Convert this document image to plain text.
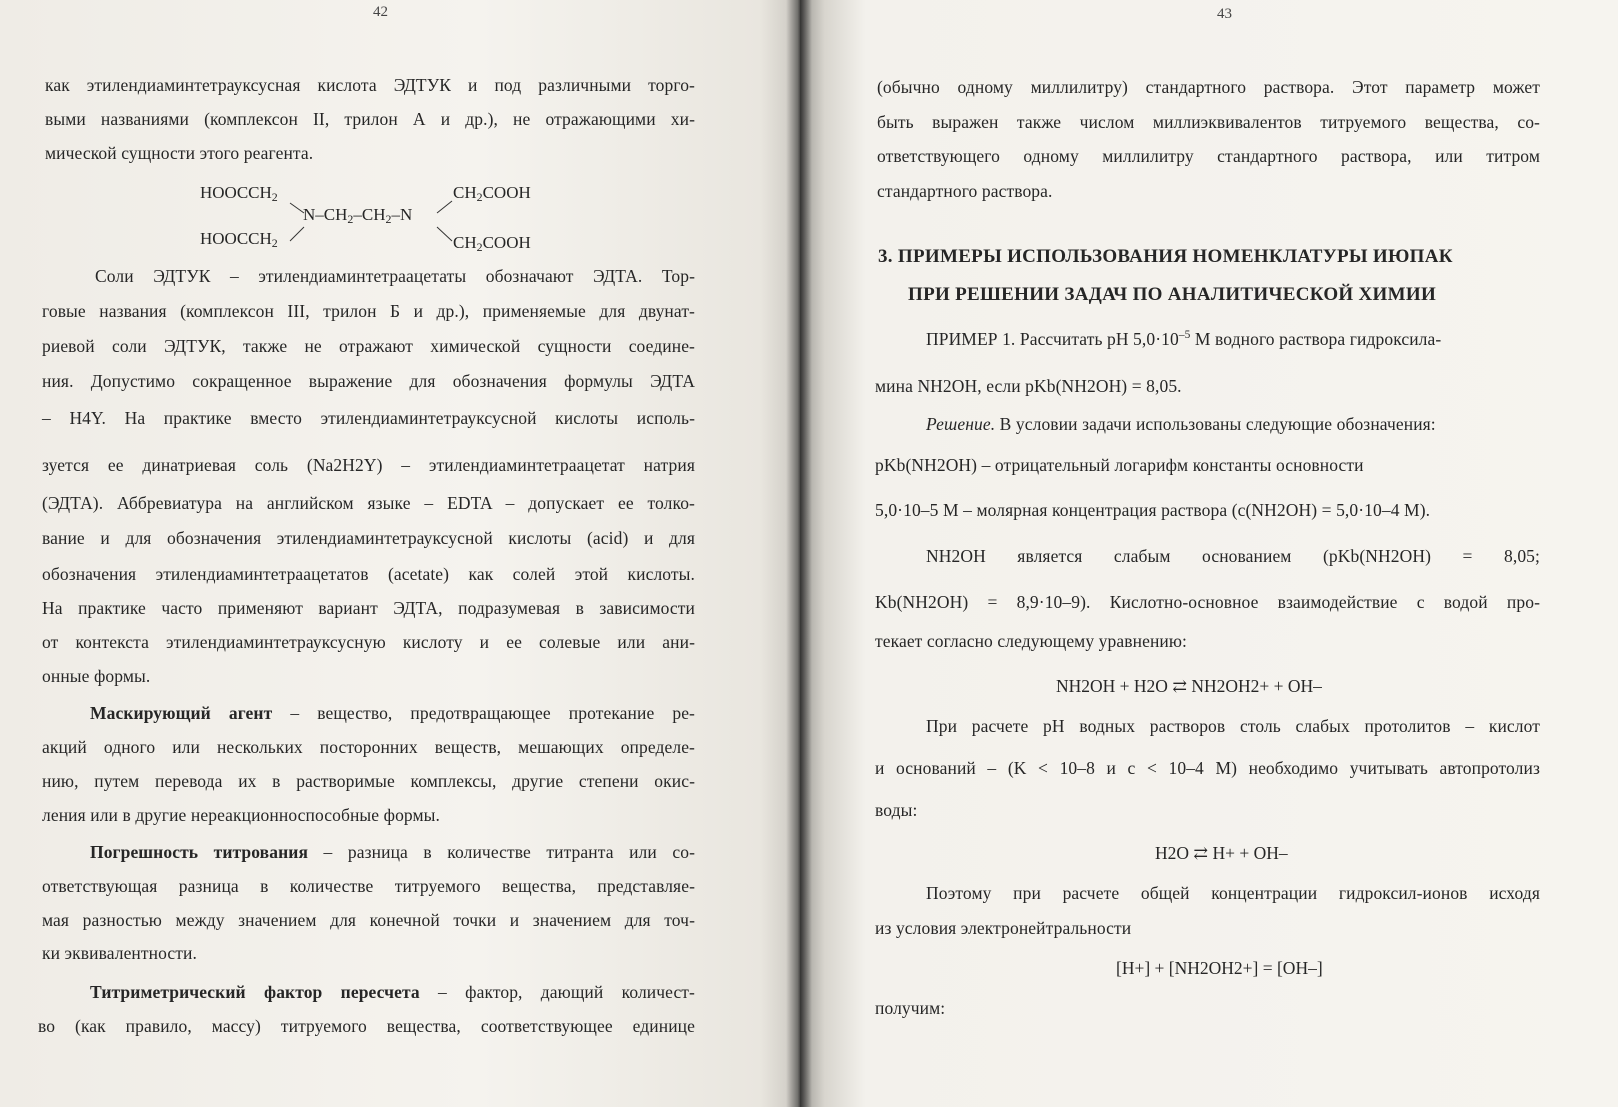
42
как этилендиаминтетрауксусная кислота ЭДТУК и под различными торго-
выми названиями (комплексон II, трилон А и др.), не отражающими хи-
мической сущности этого реагента.
$HOOCCH_2$
$HOOCCH_2$
$N-CH_2-CH_2-N$
$CH_2COOH$
$CH_2COOH$
Соли ЭДТУК – этилендиаминтетраацетаты обозначают ЭДТА. Тор-
говые названия (комплексон III, трилон Б и др.), применяемые для двунат-
риевой соли ЭДТУК, также не отражают химической сущности соедине-
ния. Допустимо сокращенное выражение для обозначения формулы ЭДТА
– H4Y. На практике вместо этилендиаминтетрауксусной кислоты исполь-
зуется ее динатриевая соль (Na2H2Y) – этилендиаминтетраацетат натрия
(ЭДТА). Аббревиатура на английском языке – EDTA – допускает ее толко-
вание и для обозначения этилендиаминтетрауксусной кислоты (acid) и для
обозначения этилендиаминтетраацетатов (acetate) как солей этой кислоты.
На практике часто применяют вариант ЭДТА, подразумевая в зависимости
от контекста этилендиаминтетрауксусную кислоту и ее солевые или ани-
онные формы.
Маскирующий агент – вещество, предотвращающее протекание ре-
акций одного или нескольких посторонних веществ, мешающих определе-
нию, путем перевода их в растворимые комплексы, другие степени окис-
ления или в другие нереакционноспособные формы.
Погрешность титрования – разница в количестве титранта или со-
ответствующая разница в количестве титруемого вещества, представляе-
мая разностью между значением для конечной точки и значением для точ-
ки эквивалентности.
Титриметрический фактор пересчета – фактор, дающий количест-
во (как правило, массу) титруемого вещества, соответствующее единице
43
(обычно одному миллилитру) стандартного раствора. Этот параметр может
быть выражен также числом миллиэквивалентов титруемого вещества, со-
ответствующего одному миллилитру стандартного раствора, или титром
стандартного раствора.
3. ПРИМЕРЫ ИСПОЛЬЗОВАНИЯ НОМЕНКЛАТУРЫ ИЮПАК
ПРИ РЕШЕНИИ ЗАДАЧ ПО АНАЛИТИЧЕСКОЙ ХИМИИ
ПРИМЕР 1. Рассчитать pH $5,0\cdot 10^{-5}$ М водного раствора гидроксила-
мина NH2OH, если pKb(NH2OH) = 8,05.
Решение. В условии задачи использованы следующие обозначения:
pKb(NH2OH) – отрицательный логарифм константы основности
5,0·10–5 М – молярная концентрация раствора (c(NH2OH) = 5,0·10–4 М).
NH2OH является слабым основанием (pKb(NH2OH) = 8,05;
Kb(NH2OH) = 8,9·10–9). Кислотно-основное взаимодействие с водой про-
текает согласно следующему уравнению:
NH2OH + H2O ⇄ NH2OH2+ + OH–
При расчете pH водных растворов столь слабых протолитов – кислот
и оснований – (K < 10–8 и c < 10–4 М) необходимо учитывать автопротолиз
воды:
H2O ⇄ H+ + OH–
Поэтому при расчете общей концентрации гидроксил-ионов исходя
из условия электронейтральности
[H+] + [NH2OH2+] = [OH–]
получим:
